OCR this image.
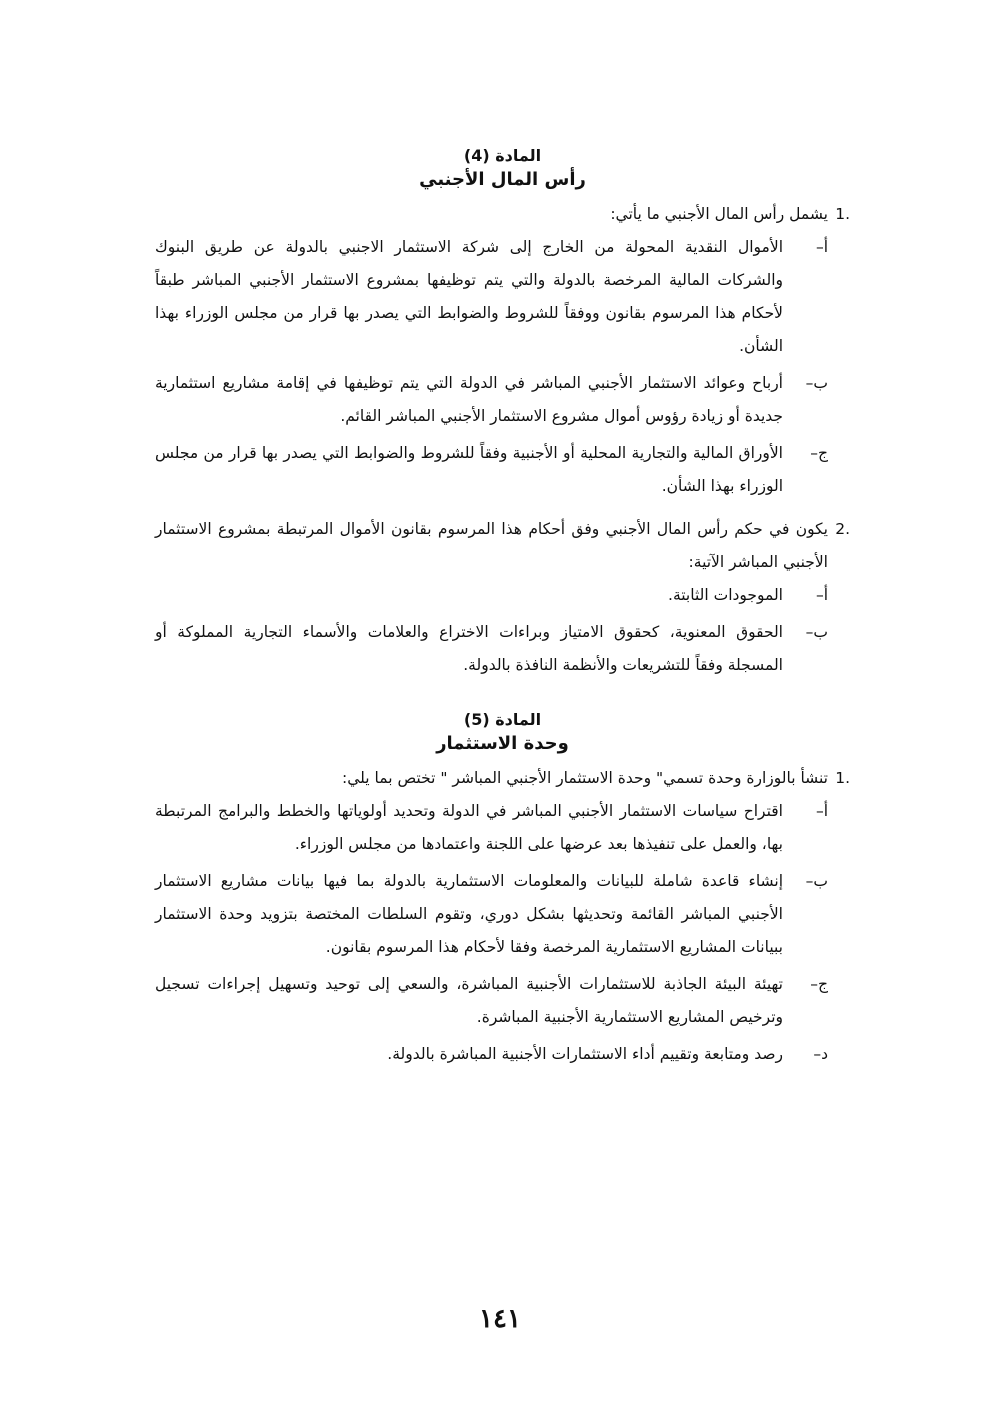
المادة (4)
رأس المال الأجنبي
.1
يشمل رأس المال الأجنبي ما يأتي:
أ–
الأموال النقدية المحولة من الخارج إلى شركة الاستثمار الاجنبي بالدولة عن طريق البنوك والشركات المالية المرخصة بالدولة والتي يتم توظيفها بمشروع الاستثمار الأجنبي المباشر طبقاً لأحكام هذا المرسوم بقانون ووفقاً للشروط والضوابط التي يصدر بها قرار من مجلس الوزراء بهذا الشأن.
ب–
أرباح وعوائد الاستثمار الأجنبي المباشر في الدولة التي يتم توظيفها في إقامة مشاريع استثمارية جديدة أو زيادة رؤوس أموال مشروع الاستثمار الأجنبي المباشر القائم.
ج–
الأوراق المالية والتجارية المحلية أو الأجنبية وفقاً للشروط والضوابط التي يصدر بها قرار من مجلس الوزراء بهذا الشأن.
.2
يكون في حكم رأس المال الأجنبي وفق أحكام هذا المرسوم بقانون الأموال المرتبطة بمشروع الاستثمار الأجنبي المباشر الآتية:
أ–
الموجودات الثابتة.
ب–
الحقوق المعنوية، كحقوق الامتياز وبراءات الاختراع والعلامات والأسماء التجارية المملوكة أو المسجلة وفقاً للتشريعات والأنظمة النافذة بالدولة.
المادة (5)
وحدة الاستثمار
.1
تنشأ بالوزارة وحدة تسمي" وحدة الاستثمار الأجنبي المباشر " تختص بما يلي:
أ–
اقتراح سياسات الاستثمار الأجنبي المباشر في الدولة وتحديد أولوياتها والخطط والبرامج المرتبطة بها، والعمل على تنفيذها بعد عرضها على اللجنة واعتمادها من مجلس الوزراء.
ب–
إنشاء قاعدة شاملة للبيانات والمعلومات الاستثمارية بالدولة بما فيها بيانات مشاريع الاستثمار الأجنبي المباشر القائمة وتحديثها بشكل دوري، وتقوم السلطات المختصة بتزويد وحدة الاستثمار ببيانات المشاريع الاستثمارية المرخصة وفقا لأحكام هذا المرسوم بقانون.
ج–
تهيئة البيئة الجاذبة للاستثمارات الأجنبية المباشرة، والسعي إلى توحيد وتسهيل إجراءات تسجيل وترخيص المشاريع الاستثمارية الأجنبية المباشرة.
د–
رصد ومتابعة وتقييم أداء الاستثمارات الأجنبية المباشرة بالدولة.
١٤١
